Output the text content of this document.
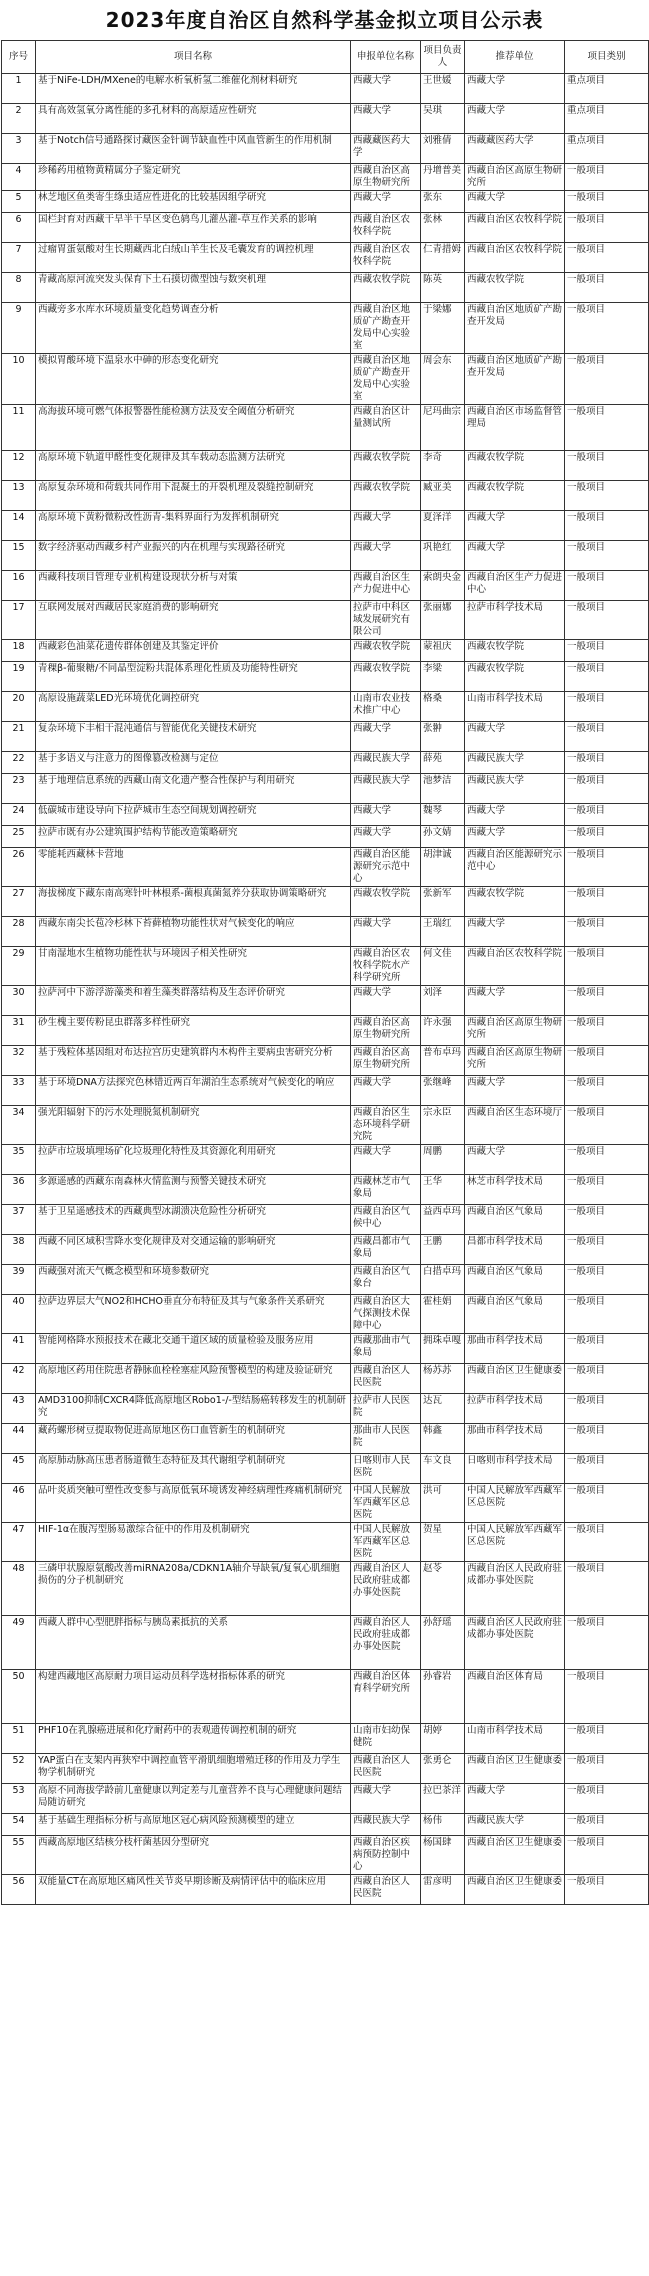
2023年度自治区自然科学基金拟立项目公示表
序号	项目名称	申报单位名称	项目负责人	推荐单位	项目类别
1	基于NiFe-LDH/MXene的电解水析氧析氢二维催化剂材料研究	西藏大学	王世媛	西藏大学	重点项目
2	具有高效氢氧分离性能的多孔材料的高原适应性研究	西藏大学	吴琪	西藏大学	重点项目
3	基于Notch信号通路探讨藏医金针调节缺血性中风血管新生的作用机制	西藏藏医药大学	刘雅倩	西藏藏医药大学	重点项目
4	珍稀药用植物黄精属分子鉴定研究	西藏自治区高原生物研究所	丹增普美	西藏自治区高原生物研究所	一般项目
5	林芝地区鱼类寄生绦虫适应性进化的比较基因组学研究	西藏大学	张东	西藏大学	一般项目
6	国栏封育对西藏干旱半干旱区变色鸫鸟儿灌丛灌-草互作关系的影响	西藏自治区农牧科学院	张林	西藏自治区农牧科学院	一般项目
7	过瘤胃蛋氨酸对生长期藏西北白绒山羊生长及毛囊发育的调控机理	西藏自治区农牧科学院	仁青措姆	西藏自治区农牧科学院	一般项目
8	青藏高原河流突发头保育下土石摸切微型蚀与数突机理	西藏农牧学院	陈英	西藏农牧学院	一般项目
9	西藏旁多水库水环境质量变化趋势调查分析	西藏自治区地质矿产勘查开发局中心实验室	于梁娜	西藏自治区地质矿产勘查开发局	一般项目
10	模拟胃酸环境下温泉水中砷的形态变化研究	西藏自治区地质矿产勘查开发局中心实验室	周会东	西藏自治区地质矿产勘查开发局	一般项目
11	高海拔环境可燃气体报警器性能检测方法及安全阈值分析研究	西藏自治区计量测试所	尼玛曲宗	西藏自治区市场监督管理局	一般项目
12	高原环境下轨道甲醛性变化规律及其车载动态监测方法研究	西藏农牧学院	李奇	西藏农牧学院	一般项目
13	高原复杂环境和荷载共同作用下混凝土的开裂机理及裂缝控制研究	西藏农牧学院	臧亚美	西藏农牧学院	一般项目
14	高原环境下黄粉微粉改性沥青-集料界面行为发挥机制研究	西藏大学	夏泽洋	西藏大学	一般项目
15	数字经济驱动西藏乡村产业振兴的内在机理与实现路径研究	西藏大学	巩艳红	西藏大学	一般项目
16	西藏科技项目管理专业机构建设现状分析与对策	西藏自治区生产力促进中心	索朗央金	西藏自治区生产力促进中心	一般项目
17	互联网发展对西藏居民家庭消费的影响研究	拉萨市中科区域发展研究有限公司	张丽娜	拉萨市科学技术局	一般项目
18	西藏彩色油菜花遗传群体创建及其鉴定评价	西藏农牧学院	蒙祖庆	西藏农牧学院	一般项目
19	青稞β-葡聚糖/不同晶型淀粉共混体系理化性质及功能特性研究	西藏农牧学院	李梁	西藏农牧学院	一般项目
20	高原设施蔬菜LED光环境优化调控研究	山南市农业技术推广中心	格桑	山南市科学技术局	一般项目
21	复杂环境下丰相干混沌通信与智能优化关键技术研究	西藏大学	张翀	西藏大学	一般项目
22	基于多语义与注意力的图像篡改检测与定位	西藏民族大学	薛苑	西藏民族大学	一般项目
23	基于地理信息系统的西藏山南文化遗产整合性保护与利用研究	西藏民族大学	池梦洁	西藏民族大学	一般项目
24	低碳城市建设导向下拉萨城市生态空间规划调控研究	西藏大学	魏琴	西藏大学	一般项目
25	拉萨市既有办公建筑围护结构节能改造策略研究	西藏大学	孙文婧	西藏大学	一般项目
26	零能耗西藏林卡营地	西藏自治区能源研究示范中心	胡津诚	西藏自治区能源研究示范中心	一般项目
27	海拔梯度下藏东南高寒针叶林根系-菌根真菌氮养分获取协调策略研究	西藏农牧学院	张新军	西藏农牧学院	一般项目
28	西藏东南尖长苞冷杉林下苔藓植物功能性状对气候变化的响应	西藏大学	王瑞红	西藏大学	一般项目
29	甘南湿地水生植物功能性状与环境因子相关性研究	西藏自治区农牧科学院水产科学研究所	何文佳	西藏自治区农牧科学院	一般项目
30	拉萨河中下游浮游藻类和着生藻类群落结构及生态评价研究	西藏大学	刘泽	西藏大学	一般项目
31	砂生槐主要传粉昆虫群落多样性研究	西藏自治区高原生物研究所	许永强	西藏自治区高原生物研究所	一般项目
32	基于残粒体基因组对布达拉宫历史建筑群内木构件主要病虫害研究分析	西藏自治区高原生物研究所	普布卓玛	西藏自治区高原生物研究所	一般项目
33	基于环境DNA方法探究色林错近两百年湖泊生态系统对气候变化的响应	西藏大学	张继峰	西藏大学	一般项目
34	强光阳辐射下的污水处理脱氮机制研究	西藏自治区生态环境科学研究院	宗永臣	西藏自治区生态环境厅	一般项目
35	拉萨市垃圾填埋场矿化垃圾理化特性及其资源化利用研究	西藏大学	周鹏	西藏大学	一般项目
36	多源遥感的西藏东南森林火情监测与预警关键技术研究	西藏林芝市气象局	王华	林芝市科学技术局	一般项目
37	基于卫星遥感技术的西藏典型冰湖溃决危险性分析研究	西藏自治区气候中心	益西卓玛	西藏自治区气象局	一般项目
38	西藏不同区域积雪降水变化规律及对交通运输的影响研究	西藏昌都市气象局	王鹏	昌都市科学技术局	一般项目
39	西藏强对流天气概念模型和环境参数研究	西藏自治区气象台	白措卓玛	西藏自治区气象局	一般项目
40	拉萨边界层大气NO2和HCHO垂直分布特征及其与气象条件关系研究	西藏自治区大气探测技术保障中心	霍桂娟	西藏自治区气象局	一般项目
41	智能网格降水预报技术在藏北交通干道区域的质量检验及服务应用	西藏那曲市气象局	拥珠卓嘎	那曲市科学技术局	一般项目
42	高原地区药用住院患者静脉血栓栓塞症风险预警模型的构建及验证研究	西藏自治区人民医院	杨苏苏	西藏自治区卫生健康委	一般项目
43	AMD3100抑制CXCR4降低高原地区Robo1-/-型结肠癌转移发生的机制研究	拉萨市人民医院	达瓦	拉萨市科学技术局	一般项目
44	藏药螺形树豆提取物促进高原地区伤口血管新生的机制研究	那曲市人民医院	韩鑫	那曲市科学技术局	一般项目
45	高原肺动脉高压患者肠道微生态特征及其代谢组学机制研究	日喀则市人民医院	车文良	日喀则市科学技术局	一般项目
46	品叶炎质突触可塑性改变参与高原低氧环境诱发神经病理性疼痛机制研究	中国人民解放军西藏军区总医院	洪可	中国人民解放军西藏军区总医院	一般项目
47	HIF-1α在腹泻型肠易激综合征中的作用及机制研究	中国人民解放军西藏军区总医院	贺星	中国人民解放军西藏军区总医院	一般项目
48	三磷甲状腺原氨酸改善miRNA208a/CDKN1A轴介导缺氧/复氧心肌细胞损伤的分子机制研究	西藏自治区人民政府驻成都办事处医院	赵苓	西藏自治区人民政府驻成都办事处医院	一般项目
49	西藏人群中心型肥胖指标与胰岛素抵抗的关系	西藏自治区人民政府驻成都办事处医院	孙舒瑶	西藏自治区人民政府驻成都办事处医院	一般项目
50	构建西藏地区高原耐力项目运动员科学选材指标体系的研究	西藏自治区体育科学研究所	孙睿岩	西藏自治区体育局	一般项目
51	PHF10在乳腺癌进展和化疗耐药中的表观遗传调控机制的研究	山南市妇幼保健院	胡婷	山南市科学技术局	一般项目
52	YAP蛋白在支架内再狭窄中调控血管平滑肌细胞增殖迁移的作用及力学生物学机制研究	西藏自治区人民医院	张勇仑	西藏自治区卫生健康委	一般项目
53	高原不同海拔学龄前儿童健康以判定差与儿童营养不良与心理健康问题结局随访研究	西藏大学	拉巴茶洋	西藏大学	一般项目
54	基于基础生理指标分析与高原地区冠心病风险预测模型的建立	西藏民族大学	杨伟	西藏民族大学	一般项目
55	西藏高原地区结核分枝杆菌基因分型研究	西藏自治区疾病预防控制中心	杨国肆	西藏自治区卫生健康委	一般项目
56	双能量CT在高原地区痛风性关节炎早期诊断及病情评估中的临床应用	西藏自治区人民医院	雷彦明	西藏自治区卫生健康委	一般项目
